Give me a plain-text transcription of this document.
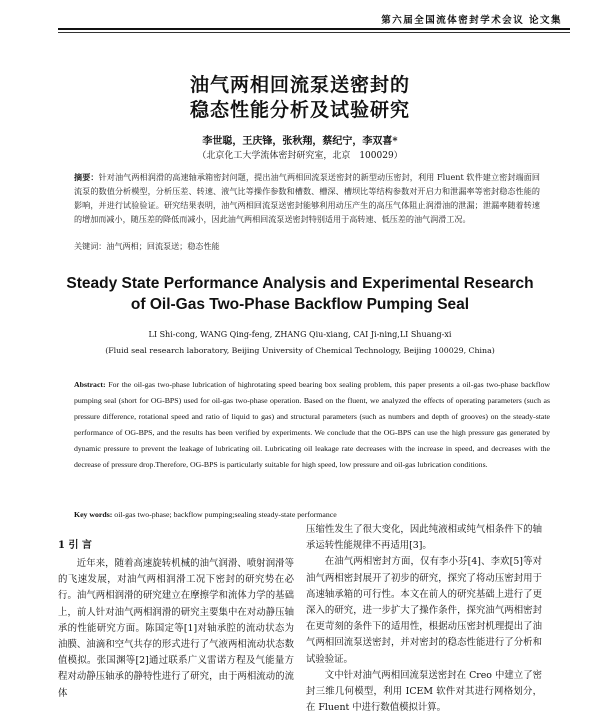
第六届全国流体密封学术会议 论文集
油气两相回流泵送密封的
稳态性能分析及试验研究
李世聪，王庆锋，张秋翔，蔡纪宁，李双喜*
（北京化工大学流体密封研究室，北京　100029）
摘要：针对油气两相润滑的高速轴承箱密封问题，提出油气两相回流泵送密封的新型动压密封，利用 Fluent 软件建立密封端面回流泵的数值分析模型，分析压差、转速、液气比等操作参数和槽数、槽深、槽坝比等结构参数对开启力和泄漏率等密封稳态性能的影响，并进行试验验证。研究结果表明，油气两相回流泵送密封能够利用动压产生的高压气体阻止润滑油的泄漏；泄漏率随着转速的增加而减小，随压差的降低而减小，因此油气两相回流泵送密封特别适用于高转速、低压差的油气润滑工况。
关键词：油气两相；回流泵送；稳态性能
Steady State Performance Analysis and Experimental Research
of Oil-Gas Two-Phase Backflow Pumping Seal
LI Shi-cong, WANG Qing-feng, ZHANG Qiu-xiang, CAI Ji-ning,LI Shuang-xi
(Fluid seal research laboratory, Beijing University of Chemical Technology, Beijing 100029, China)
Abstract: For the oil-gas two-phase lubrication of highrotating speed bearing box sealing problem, this paper presents a oil-gas two-phase backflow pumping seal (short for OG-BPS) used for oil-gas two-phase operation. Based on the fluent, we analyzed the effects of operating parameters (such as pressure difference, rotational speed and ratio of liquid to gas) and structural parameters (such as numbers and depth of grooves) on the steady-state performance of OG-BPS, and the results has been verified by experiments. We conclude that the OG-BPS can use the high pressure gas generated by dynamic pressure to prevent the leakage of lubricating oil. Lubricating oil leakage rate decreases with the increase in speed, and decreases with the decrease of pressure drop.Therefore, OG-BPS is particularly suitable for high speed, low pressure and oil-gas lubrication conditions.
Key words: oil-gas two-phase; backflow pumping;sealing steady-state performance
1 引 言

近年来，随着高速旋转机械的油气润滑、喷射润滑等的飞速发展，对油气两相润滑工况下密封的研究势在必行。油气两相润滑的研究建立在摩擦学和流体力学的基础上，前人针对油气两相润滑的研究主要集中在对动静压轴承的性能研究方面。陈国定等[1]对轴承腔的流动状态为油膜、油滴和空气共存的形式进行了气液两相流动状态数值模拟。张国渊等[2]通过联系广义雷诺方程及气能量方程对动静压轴承的静特性进行了研究，由于两相流动的流体

压缩性发生了很大变化，因此纯液相或纯气相条件下的轴承运转性能规律不再适用[3]。

在油气两相密封方面，仅有李小芬[4]、李欢[5]等对油气两相密封展开了初步的研究，探究了将动压密封用于高速轴承箱的可行性。本文在前人的研究基础上进行了更深入的研究，进一步扩大了操作条件，探究油气两相密封在更苛刻的条件下的适用性，根据动压密封机理提出了油气两相回流泵送密封，并对密封的稳态性能进行了分析和试验验证。

文中针对油气两相回流泵送密封在 Creo 中建立了密封三维几何模型，利用 ICEM 软件对其进行网格划分，在 Fluent 中进行数值模拟计算。
